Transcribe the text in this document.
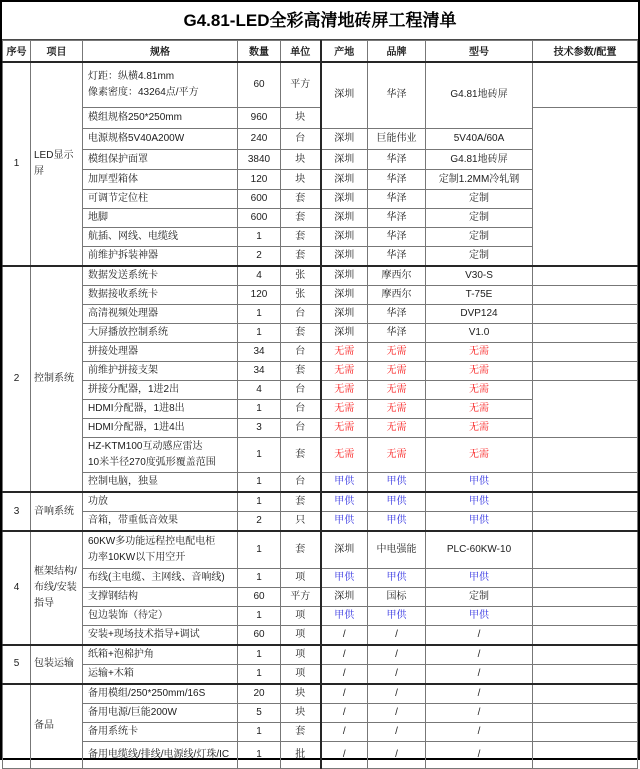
G4.81-LED全彩高清地砖屏工程清单
序号	项目	规格	数量	单位	产地	品牌	型号	技术参数/配置

1	LED显示屏	灯距：纵横4.81mm
像素密度：43264点/平方	60	平方	深圳	华泽	G4.81地砖屏	

		模组规格250*250mm	960	块				

		电源规格5V40A200W	240	台	深圳	巨能伟业	5V40A/60A	

		模组保护面罩	3840	块	深圳	华泽	G4.81地砖屏	

		加厚型箱体	120	块	深圳	华泽	定制1.2MM冷轧钢	

		可调节定位柱	600	套	深圳	华泽	定制	

		地脚	600	套	深圳	华泽	定制	

		航插、网线、电缆线	1	套	深圳	华泽	定制	

		前维护拆装神器	2	套	深圳	华泽	定制	

2	控制系统	数据发送系统卡	4	张	深圳	摩西尔	V30-S	

		数据接收系统卡	120	张	深圳	摩西尔	T-75E	

		高清视频处理器	1	台	深圳	华泽	DVP124	

		大屏播放控制系统	1	套	深圳	华泽	V1.0	

		拼接处理器	34	台	无需	无需	无需	

		前维护拼接支架	34	套	无需	无需	无需	

		拼接分配器，1进2出	4	台	无需	无需	无需	

		HDMI分配器，1进8出	1	台	无需	无需	无需	

		HDMI分配器，1进4出	3	台	无需	无需	无需	

		HZ-KTM100互动感应雷达
10米半径270度弧形覆盖范围	1	套	无需	无需	无需	

		控制电脑，独显	1	台	甲供	甲供	甲供	

3	音响系统	功放	1	套	甲供	甲供	甲供	

		音箱，带重低音效果	2	只	甲供	甲供	甲供	

4	框架结构/布线/安装指导	60KW多功能远程控电配电柜
功率10KW以下用空开	1	套	深圳	中电强能	PLC-60KW-10	

		布线(主电缆、主网线、音响线)	1	项	甲供	甲供	甲供	

		支撑钢结构	60	平方	深圳	国标	定制	

		包边装饰（待定）	1	项	甲供	甲供	甲供	

		安装+现场技术指导+调试	60	项	/	/	/	

5	包装运输	纸箱+泡棉护角	1	项	/	/	/	

		运输+木箱	1	项	/	/	/	

	备品	备用模组/250*250mm/16S	20	块	/	/	/	

		备用电源/巨能200W	5	块	/	/	/	

		备用系统卡	1	套	/	/	/	

		备用电缆线/排线/电源线/灯珠/IC	1	批	/	/	/	
